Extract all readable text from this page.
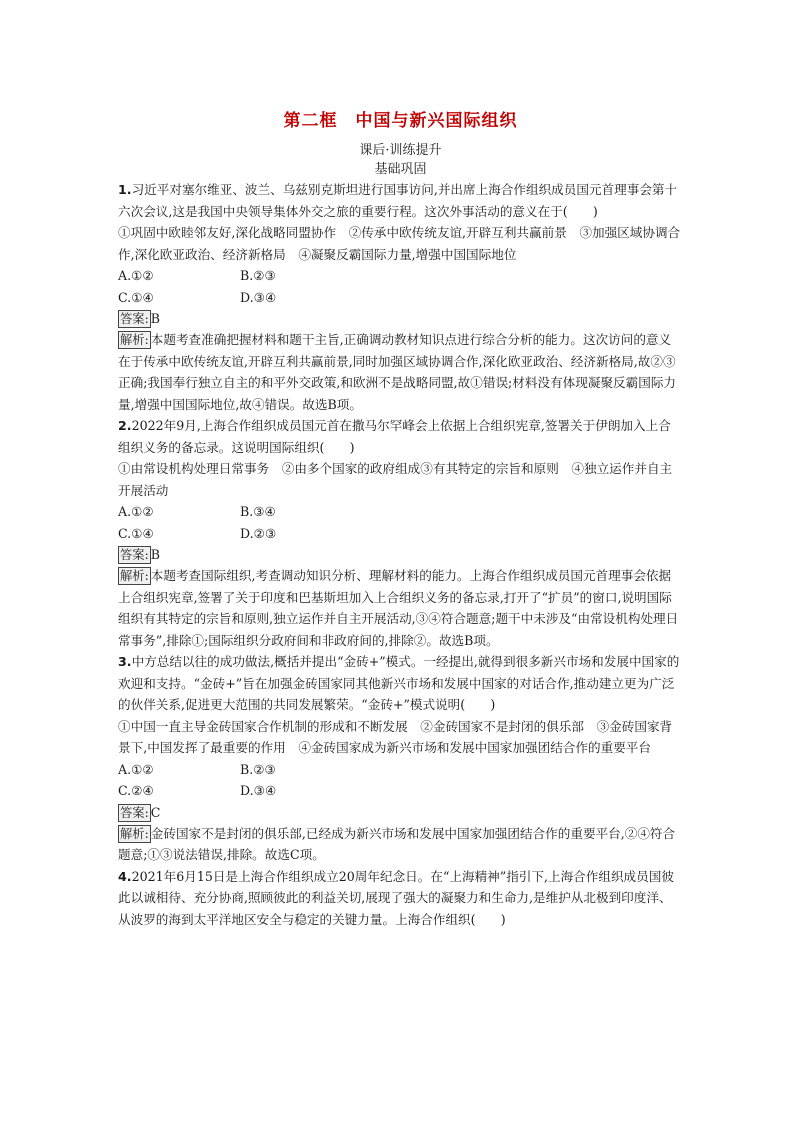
第二框　中国与新兴国际组织
课后·训练提升
基础巩固
1.习近平对塞尔维亚、波兰、乌兹别克斯坦进行国事访问,并出席上海合作组织成员国元首理事会第十六次会议,这是我国中央领导集体外交之旅的重要行程。这次外事活动的意义在于(　　)
①巩固中欧睦邻友好,深化战略同盟协作　②传承中欧传统友谊,开辟互利共赢前景　③加强区域协调合作,深化欧亚政治、经济新格局　④凝聚反霸国际力量,增强中国国际地位
A.①②	B.②③
C.①④	D.③④
答案: B
解析: 本题考查准确把握材料和题干主旨,正确调动教材知识点进行综合分析的能力。这次访问的意义在于传承中欧传统友谊,开辟互利共赢前景,同时加强区域协调合作,深化欧亚政治、经济新格局,故②③正确;我国奉行独立自主的和平外交政策,和欧洲不是战略同盟,故①错误;材料没有体现凝聚反霸国际力量,增强中国国际地位,故④错误。故选B项。
2.2022年9月,上海合作组织成员国元首在撒马尔罕峰会上依据上合组织宪章,签署关于伊朗加入上合组织义务的备忘录。这说明国际组织(　　)
①由常设机构处理日常事务　②由多个国家的政府组成③有其特定的宗旨和原则　④独立运作并自主开展活动
A.①②	B.③④
C.①④	D.②③
答案: B
解析: 本题考查国际组织,考查调动知识分析、理解材料的能力。上海合作组织成员国元首理事会依据上合组织宪章,签署了关于印度和巴基斯坦加入上合组织义务的备忘录,打开了“扩员”的窗口,说明国际组织有其特定的宗旨和原则,独立运作并自主开展活动,③④符合题意;题干中未涉及“由常设机构处理日常事务”,排除①;国际组织分政府间和非政府间的,排除②。故选B项。
3.中方总结以往的成功做法,概括并提出“金砖+”模式。一经提出,就得到很多新兴市场和发展中国家的欢迎和支持。“金砖+”旨在加强金砖国家同其他新兴市场和发展中国家的对话合作,推动建立更为广泛的伙伴关系,促进更大范围的共同发展繁荣。“金砖+”模式说明(　　)
①中国一直主导金砖国家合作机制的形成和不断发展　②金砖国家不是封闭的俱乐部　③金砖国家背景下,中国发挥了最重要的作用　④金砖国家成为新兴市场和发展中国家加强团结合作的重要平台
A.①②	B.②③
C.②④	D.③④
答案: C
解析: 金砖国家不是封闭的俱乐部,已经成为新兴市场和发展中国家加强团结合作的重要平台,②④符合题意;①③说法错误,排除。故选C项。
4.2021年6月15日是上海合作组织成立20周年纪念日。在“上海精神”指引下,上海合作组织成员国彼此以诚相待、充分协商,照顾彼此的利益关切,展现了强大的凝聚力和生命力,是维护从北极到印度洋、从波罗的海到太平洋地区安全与稳定的关键力量。上海合作组织(　　)
